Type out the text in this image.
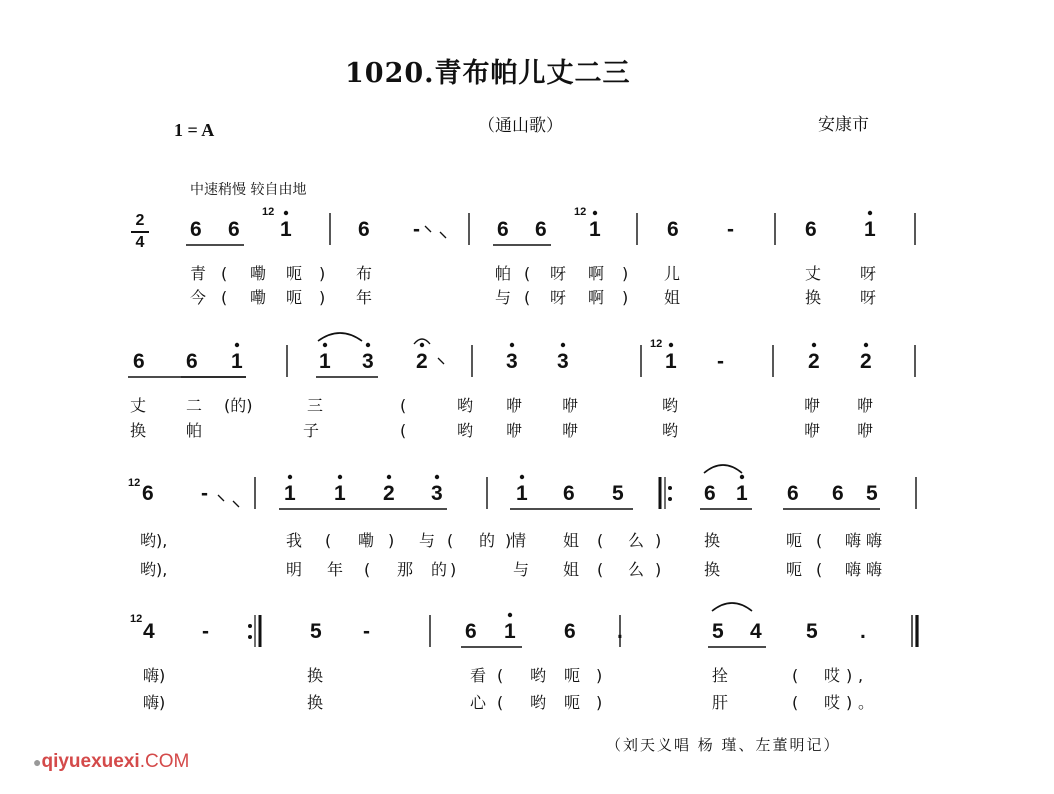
1020.青布帕儿丈二三
（通山歌）	安康市
1 = A
中速稍慢 较自由地
2
4
6 6 1	6 -	6 6 1	6 -	6 1
青 ( 嘞 呃 ) 布	帕 ( 呀 啊 ) 儿	丈 呀
今 ( 嘞 呃 ) 年	与 ( 呀 啊 ) 姐	换 呀
12	12
6 6 1	1 3 2	3 3	1 -	2 2
丈 二 (的)	三	(	哟 咿 咿	哟	咿 咿
换 帕	子	(	哟 咿 咿	哟	咿 咿
12
6 -	1 1 2 3	1 6 5	6 1 6 6 5
哟),	我 ( 嘞 ) 与 ( 的 )
情 姐 ( 么 )	换	呃 ( 嗨 嗨
哟),	明 年 ( 那 的 )	与 姐 ( 么 )	换	呃 ( 嗨 嗨
12
4 -	5 -	6 1 6 .	5 4 5 .
嗨)	换	看 ( 哟 呃 )	拴	( 哎 ) ,
嗨)	换	心 ( 哟 呃 )	肝	( 哎 ) 。
12
（刘天义唱 杨 瑾、左董明记）
●qiyuexuexi.COM
